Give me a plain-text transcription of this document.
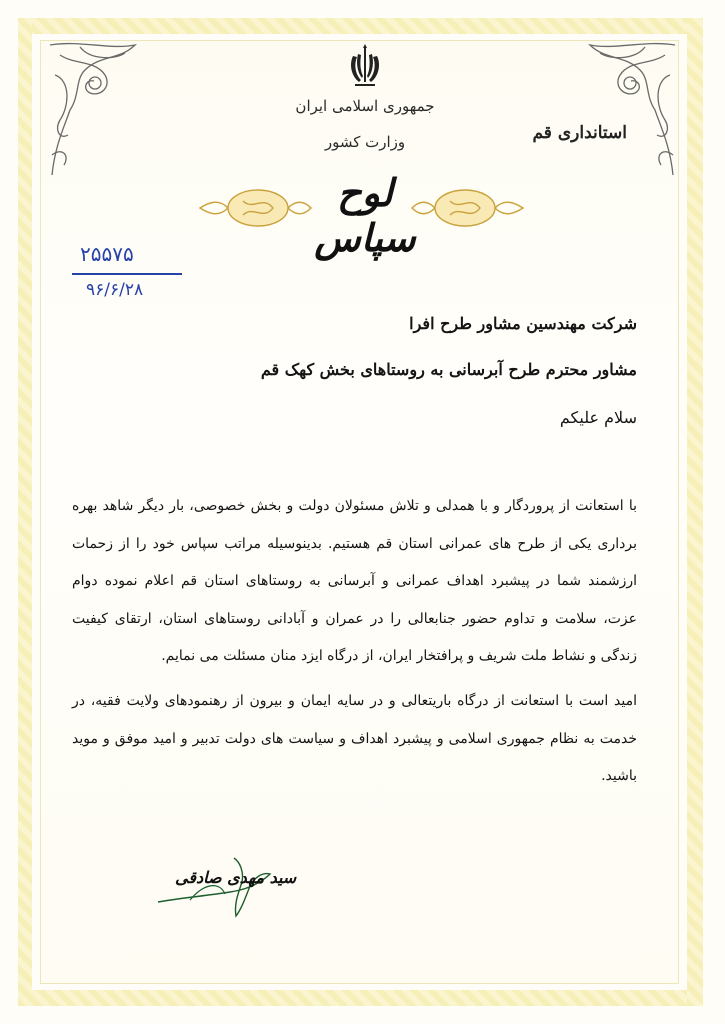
جمهوری اسلامی ایران
وزارت کشور
لوح سپاس
استانداری قم
۲۵۵۷۵
۹۶/۶/۲۸
شرکت مهندسین مشاور طرح افرا
مشاور محترم طرح آبرسانی به روستاهای بخش کهک قم
سلام علیکم
با استعانت از پروردگار و با همدلی و تلاش مسئولان دولت و بخش خصوصی، بار دیگر شاهد بهره برداری یکی از طرح های عمرانی استان قم هستیم. بدینوسیله مراتب سپاس خود را از زحمات ارزشمند شما در پیشبرد اهداف عمرانی و آبرسانی به روستاهای استان قم اعلام نموده دوام عزت، سلامت و تداوم حضور جنابعالی را در عمران و آبادانی روستاهای استان، ارتقای کیفیت زندگی و نشاط ملت شریف و پرافتخار ایران، از درگاه ایزد منان مسئلت می نمایم.
امید است با استعانت از درگاه باریتعالی و در سایه ایمان و بیرون از رهنمودهای ولایت فقیه، در خدمت به نظام جمهوری اسلامی و پیشبرد اهداف و سیاست های دولت تدبیر و امید موفق و موید باشید.
سید مهدی صادقی
